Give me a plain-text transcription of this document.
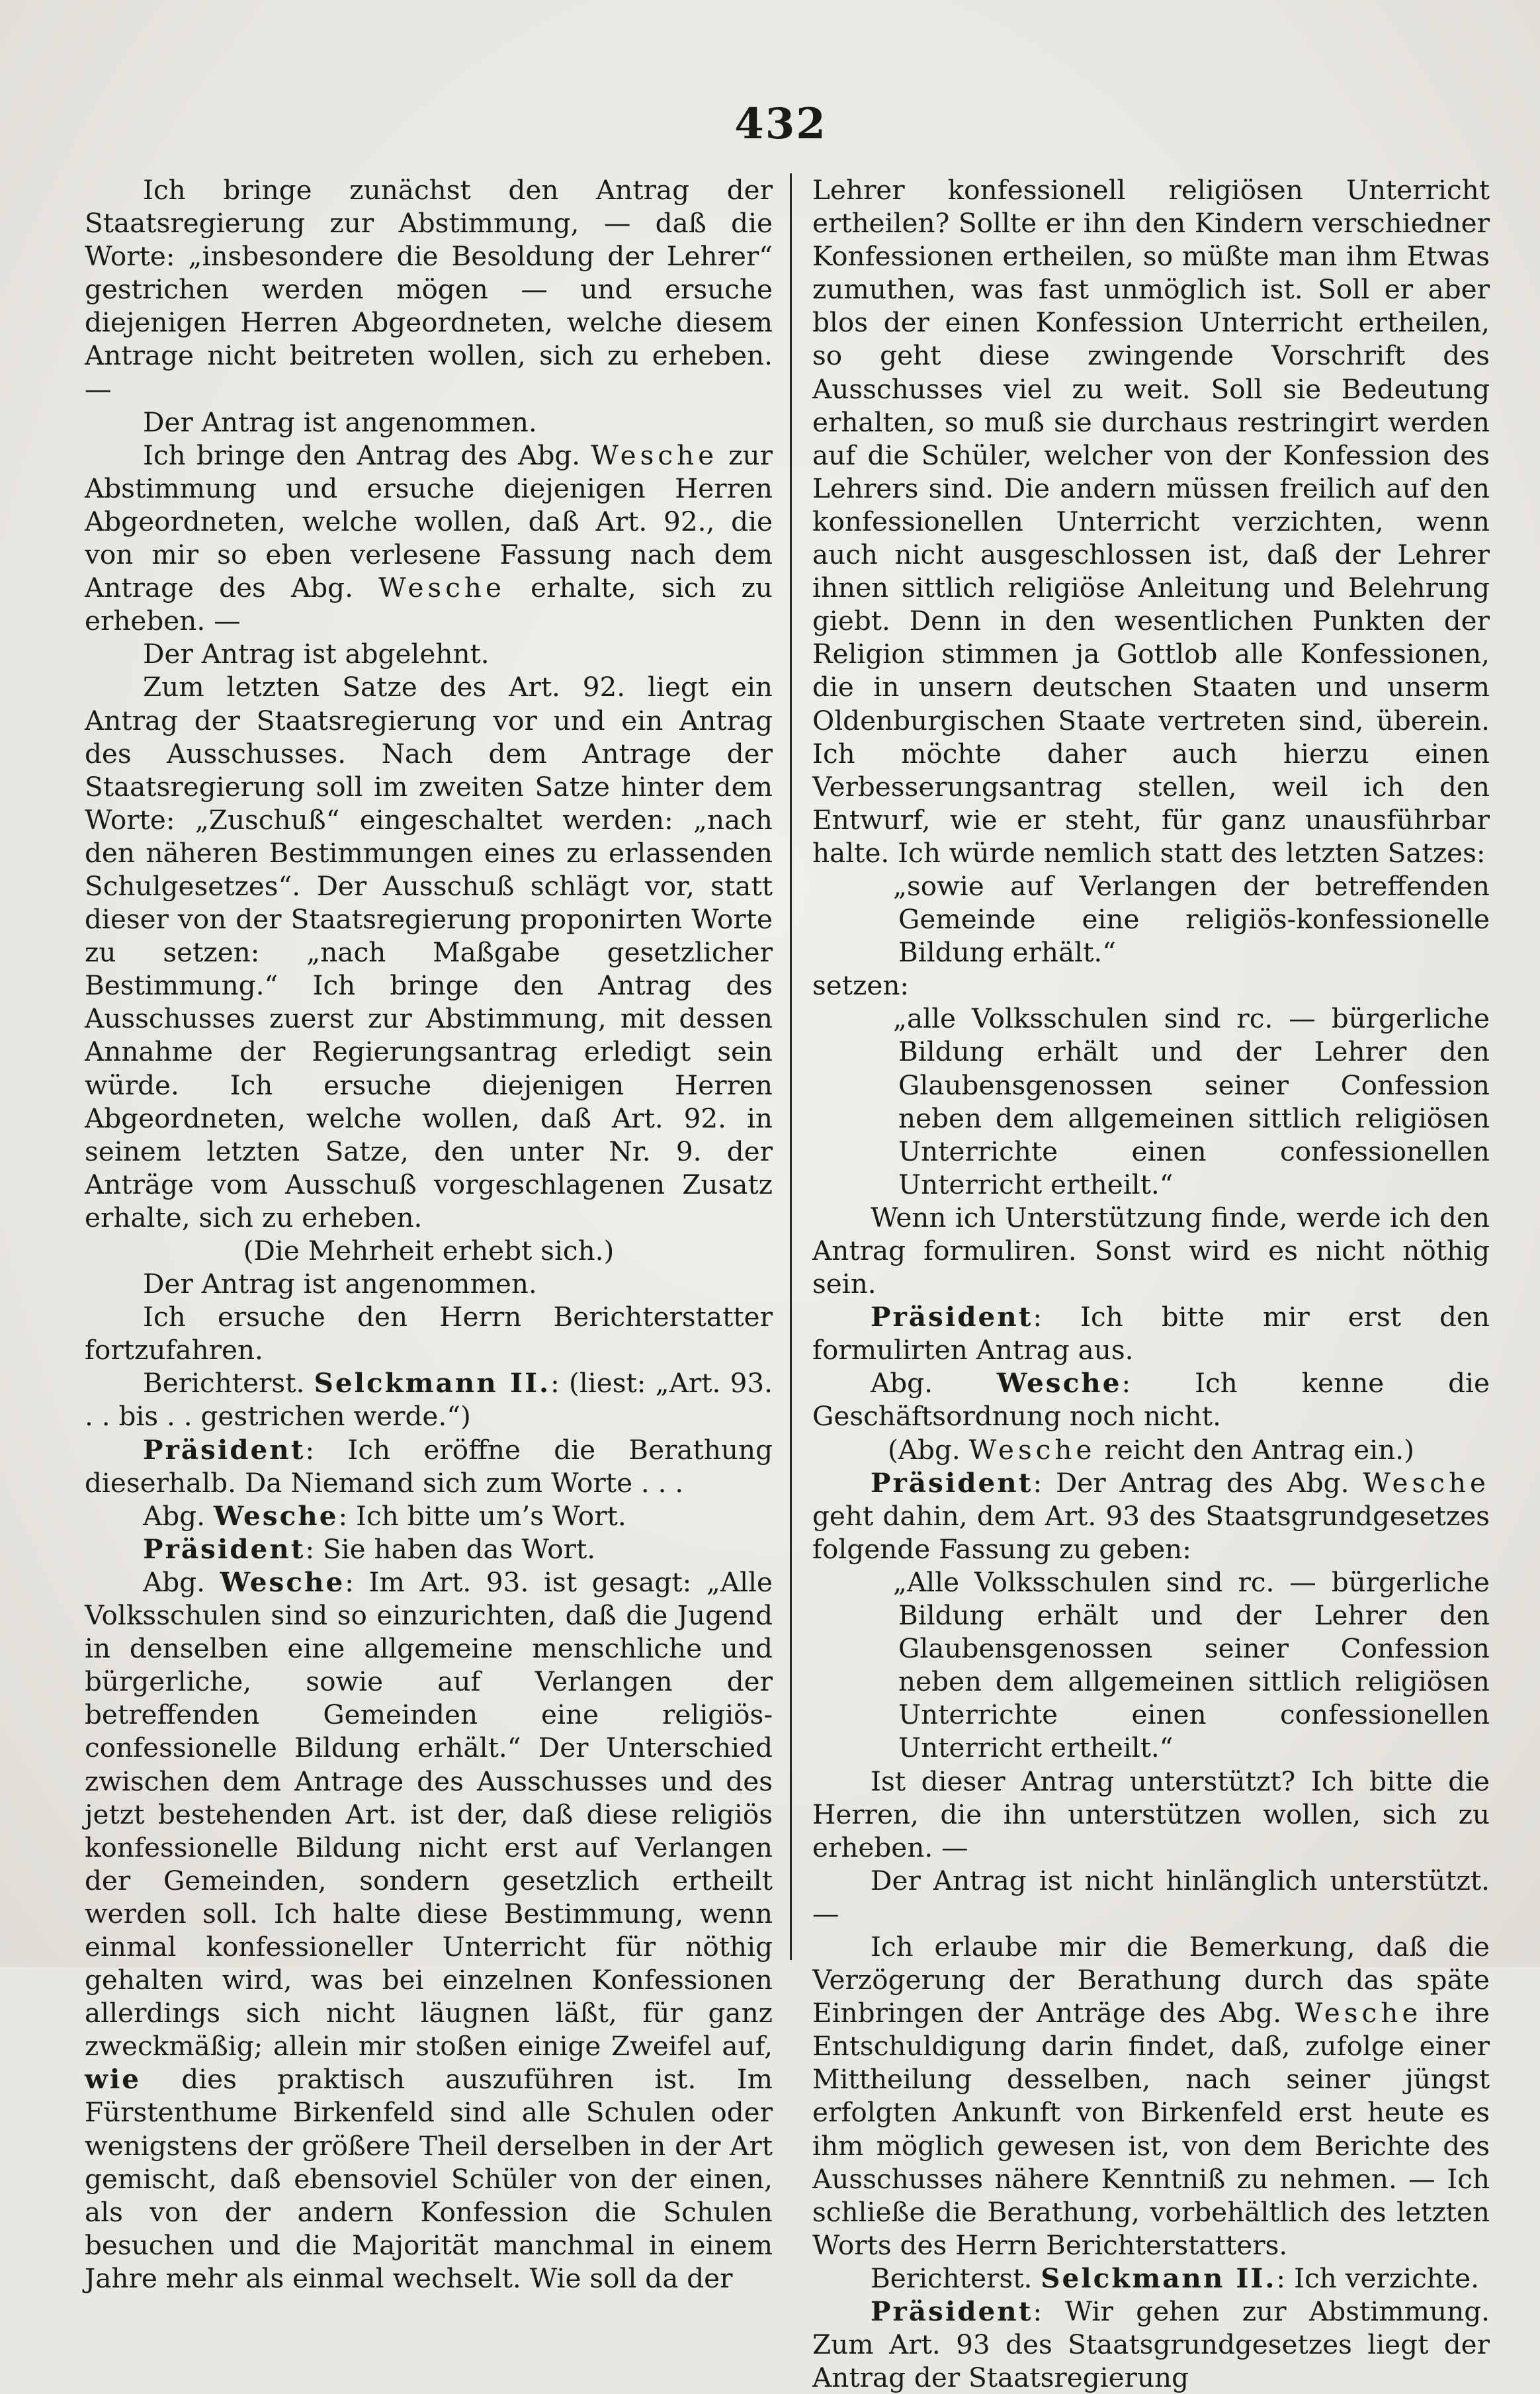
432

Ich bringe zunächst den Antrag der Staatsregierung zur Abstimmung, — daß die Worte: „insbesondere die Besoldung der Lehrer“ gestrichen werden mögen — und ersuche diejenigen Herren Abgeordneten, welche diesem Antrage nicht beitreten wollen, sich zu erheben. —

Der Antrag ist angenommen.

Ich bringe den Antrag des Abg. Wesche zur Abstimmung und ersuche diejenigen Herren Abgeordneten, welche wollen, daß Art. 92., die von mir so eben verlesene Fassung nach dem Antrage des Abg. Wesche erhalte, sich zu erheben. —

Der Antrag ist abgelehnt.

Zum letzten Satze des Art. 92. liegt ein Antrag der Staatsregierung vor und ein Antrag des Ausschusses. Nach dem Antrage der Staatsregierung soll im zweiten Satze hinter dem Worte: „Zuschuß“ eingeschaltet werden: „nach den näheren Bestimmungen eines zu erlassenden Schulgesetzes“. Der Ausschuß schlägt vor, statt dieser von der Staatsregierung proponirten Worte zu setzen: „nach Maßgabe gesetzlicher Bestimmung.“ Ich bringe den Antrag des Ausschusses zuerst zur Abstimmung, mit dessen Annahme der Regierungsantrag erledigt sein würde. Ich ersuche diejenigen Herren Abgeordneten, welche wollen, daß Art. 92. in seinem letzten Satze, den unter Nr. 9. der Anträge vom Ausschuß vorgeschlagenen Zusatz erhalte, sich zu erheben.

(Die Mehrheit erhebt sich.)

Der Antrag ist angenommen.

Ich ersuche den Herrn Berichterstatter fortzufahren.

Berichterst. Selckmann II.: (liest: „Art. 93. . . bis . . gestrichen werde.“)

Präsident: Ich eröffne die Berathung dieserhalb. Da Niemand sich zum Worte . . .

Abg. Wesche: Ich bitte um’s Wort.

Präsident: Sie haben das Wort.

Abg. Wesche: Im Art. 93. ist gesagt: „Alle Volksschulen sind so einzurichten, daß die Jugend in denselben eine allgemeine menschliche und bürgerliche, sowie auf Verlangen der betreffenden Gemeinden eine religiös-confessionelle Bildung erhält.“ Der Unterschied zwischen dem Antrage des Ausschusses und des jetzt bestehenden Art. ist der, daß diese religiös konfessionelle Bildung nicht erst auf Verlangen der Gemeinden, sondern gesetzlich ertheilt werden soll. Ich halte diese Bestimmung, wenn einmal konfessioneller Unterricht für nöthig gehalten wird, was bei einzelnen Konfessionen allerdings sich nicht läugnen läßt, für ganz zweckmäßig; allein mir stoßen einige Zweifel auf, wie dies praktisch auszuführen ist. Im Fürstenthume Birkenfeld sind alle Schulen oder wenigstens der größere Theil derselben in der Art gemischt, daß ebensoviel Schüler von der einen, als von der andern Konfession die Schulen besuchen und die Majorität manchmal in einem Jahre mehr als einmal wechselt. Wie soll da der

Lehrer konfessionell religiösen Unterricht ertheilen? Sollte er ihn den Kindern verschiedner Konfessionen ertheilen, so müßte man ihm Etwas zumuthen, was fast unmöglich ist. Soll er aber blos der einen Konfession Unterricht ertheilen, so geht diese zwingende Vorschrift des Ausschusses viel zu weit. Soll sie Bedeutung erhalten, so muß sie durchaus restringirt werden auf die Schüler, welcher von der Konfession des Lehrers sind. Die andern müssen freilich auf den konfessionellen Unterricht verzichten, wenn auch nicht ausgeschlossen ist, daß der Lehrer ihnen sittlich religiöse Anleitung und Belehrung giebt. Denn in den wesentlichen Punkten der Religion stimmen ja Gottlob alle Konfessionen, die in unsern deutschen Staaten und unserm Oldenburgischen Staate vertreten sind, überein. Ich möchte daher auch hierzu einen Verbesserungsantrag stellen, weil ich den Entwurf, wie er steht, für ganz unausführbar halte. Ich würde nemlich statt des letzten Satzes:

„sowie auf Verlangen der betreffenden Gemeinde eine religiös-konfessionelle Bildung erhält.“

setzen:

„alle Volksschulen sind rc. — bürgerliche Bildung erhält und der Lehrer den Glaubensgenossen seiner Confession neben dem allgemeinen sittlich religiösen Unterrichte einen confessionellen Unterricht ertheilt.“

Wenn ich Unterstützung finde, werde ich den Antrag formuliren. Sonst wird es nicht nöthig sein.

Präsident: Ich bitte mir erst den formulirten Antrag aus.

Abg. Wesche: Ich kenne die Geschäftsordnung noch nicht.

(Abg. Wesche reicht den Antrag ein.)

Präsident: Der Antrag des Abg. Wesche geht dahin, dem Art. 93 des Staatsgrundgesetzes folgende Fassung zu geben:

„Alle Volksschulen sind rc. — bürgerliche Bildung erhält und der Lehrer den Glaubensgenossen seiner Confession neben dem allgemeinen sittlich religiösen Unterrichte einen confessionellen Unterricht ertheilt.“

Ist dieser Antrag unterstützt? Ich bitte die Herren, die ihn unterstützen wollen, sich zu erheben. —

Der Antrag ist nicht hinlänglich unterstützt. —

Ich erlaube mir die Bemerkung, daß die Verzögerung der Berathung durch das späte Einbringen der Anträge des Abg. Wesche ihre Entschuldigung darin findet, daß, zufolge einer Mittheilung desselben, nach seiner jüngst erfolgten Ankunft von Birkenfeld erst heute es ihm möglich gewesen ist, von dem Berichte des Ausschusses nähere Kenntniß zu nehmen. — Ich schließe die Berathung, vorbehältlich des letzten Worts des Herrn Berichterstatters.

Berichterst. Selckmann II.: Ich verzichte.

Präsident: Wir gehen zur Abstimmung. Zum Art. 93 des Staatsgrundgesetzes liegt der Antrag der Staatsregierung
